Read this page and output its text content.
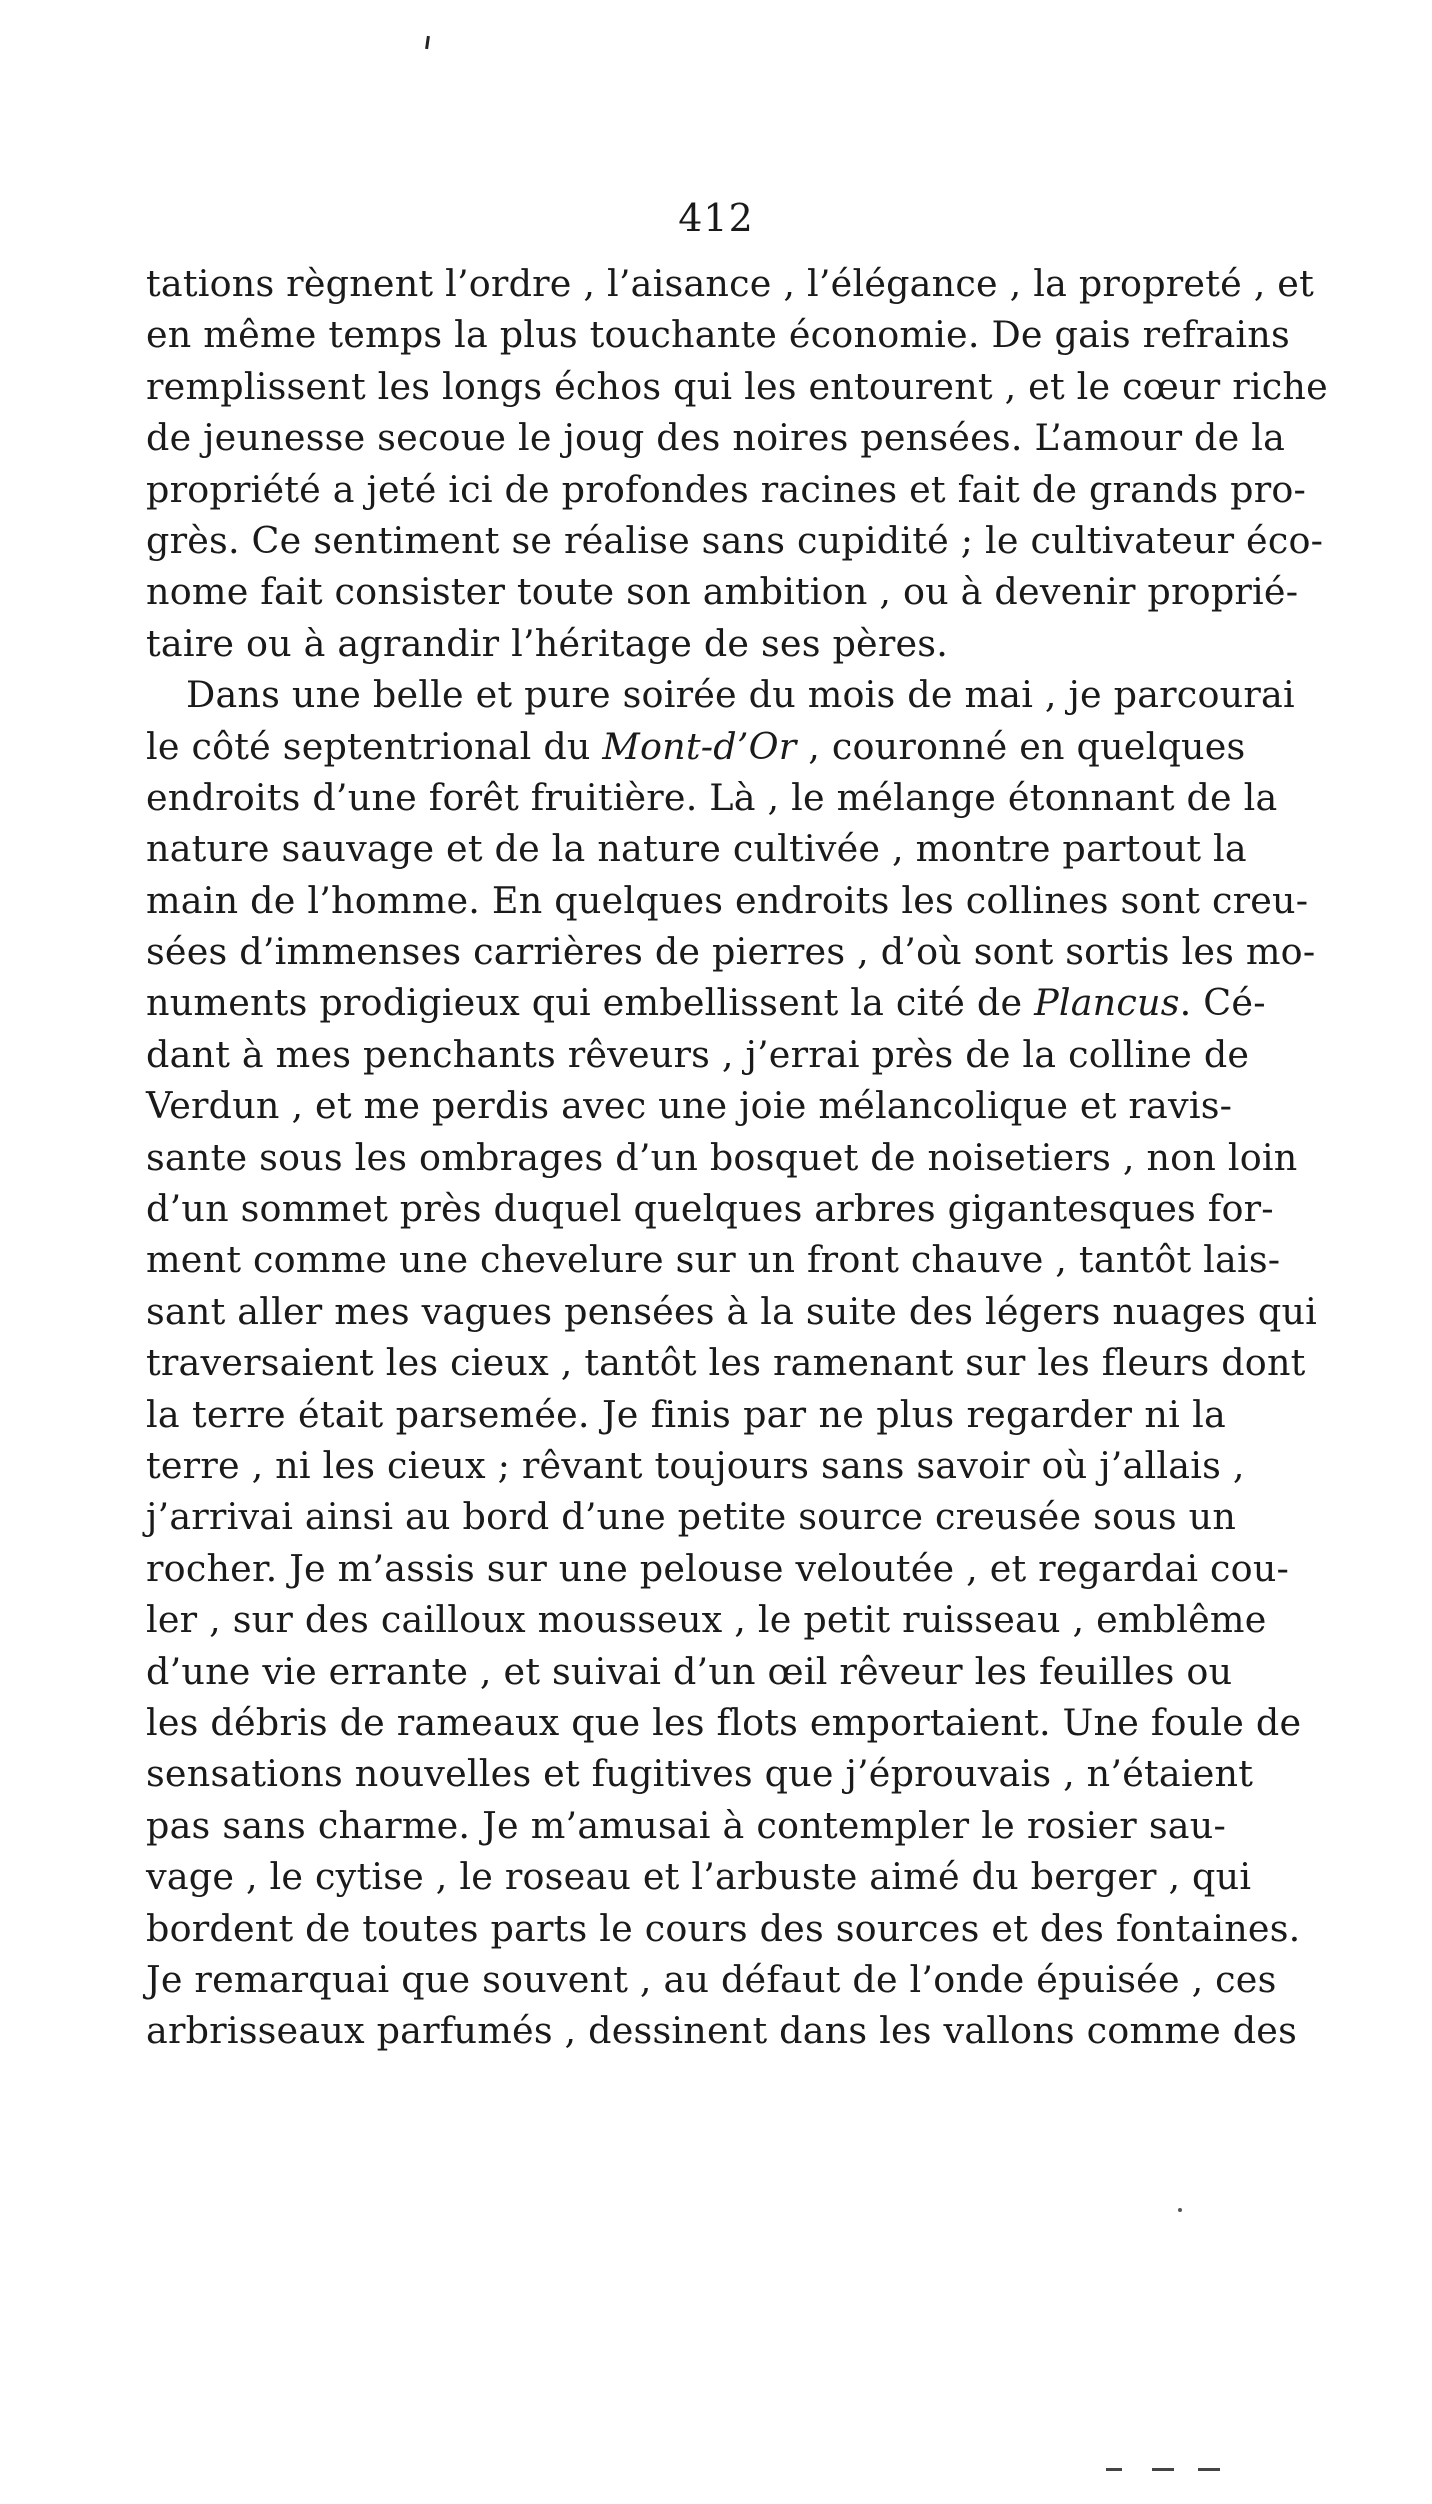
412
tations règnent l’ordre , l’aisance , l’élégance , la propreté , et
en même temps la plus touchante économie. De gais refrains
remplissent les longs échos qui les entourent , et le cœur riche
de jeunesse secoue le joug des noires pensées. L’amour de la
propriété a jeté ici de profondes racines et fait de grands pro-
grès. Ce sentiment se réalise sans cupidité ; le cultivateur éco-
nome fait consister toute son ambition , ou à devenir proprié-
taire ou à agrandir l’héritage de ses pères.
Dans une belle et pure soirée du mois de mai , je parcourai
le côté septentrional du Mont-d’Or , couronné en quelques
endroits d’une forêt fruitière. Là , le mélange étonnant de la
nature sauvage et de la nature cultivée , montre partout la
main de l’homme. En quelques endroits les collines sont creu-
sées d’immenses carrières de pierres , d’où sont sortis les mo-
numents prodigieux qui embellissent la cité de Plancus. Cé-
dant à mes penchants rêveurs , j’errai près de la colline de
Verdun , et me perdis avec une joie mélancolique et ravis-
sante sous les ombrages d’un bosquet de noisetiers , non loin
d’un sommet près duquel quelques arbres gigantesques for-
ment comme une chevelure sur un front chauve , tantôt lais-
sant aller mes vagues pensées à la suite des légers nuages qui
traversaient les cieux , tantôt les ramenant sur les fleurs dont
la terre était parsemée. Je finis par ne plus regarder ni la
terre , ni les cieux ; rêvant toujours sans savoir où j’allais ,
j’arrivai ainsi au bord d’une petite source creusée sous un
rocher. Je m’assis sur une pelouse veloutée , et regardai cou-
ler , sur des cailloux mousseux , le petit ruisseau , emblême
d’une vie errante , et suivai d’un œil rêveur les feuilles ou
les débris de rameaux que les flots emportaient. Une foule de
sensations nouvelles et fugitives que j’éprouvais , n’étaient
pas sans charme. Je m’amusai à contempler le rosier sau-
vage , le cytise , le roseau et l’arbuste aimé du berger , qui
bordent de toutes parts le cours des sources et des fontaines.
Je remarquai que souvent , au défaut de l’onde épuisée , ces
arbrisseaux parfumés , dessinent dans les vallons comme des
